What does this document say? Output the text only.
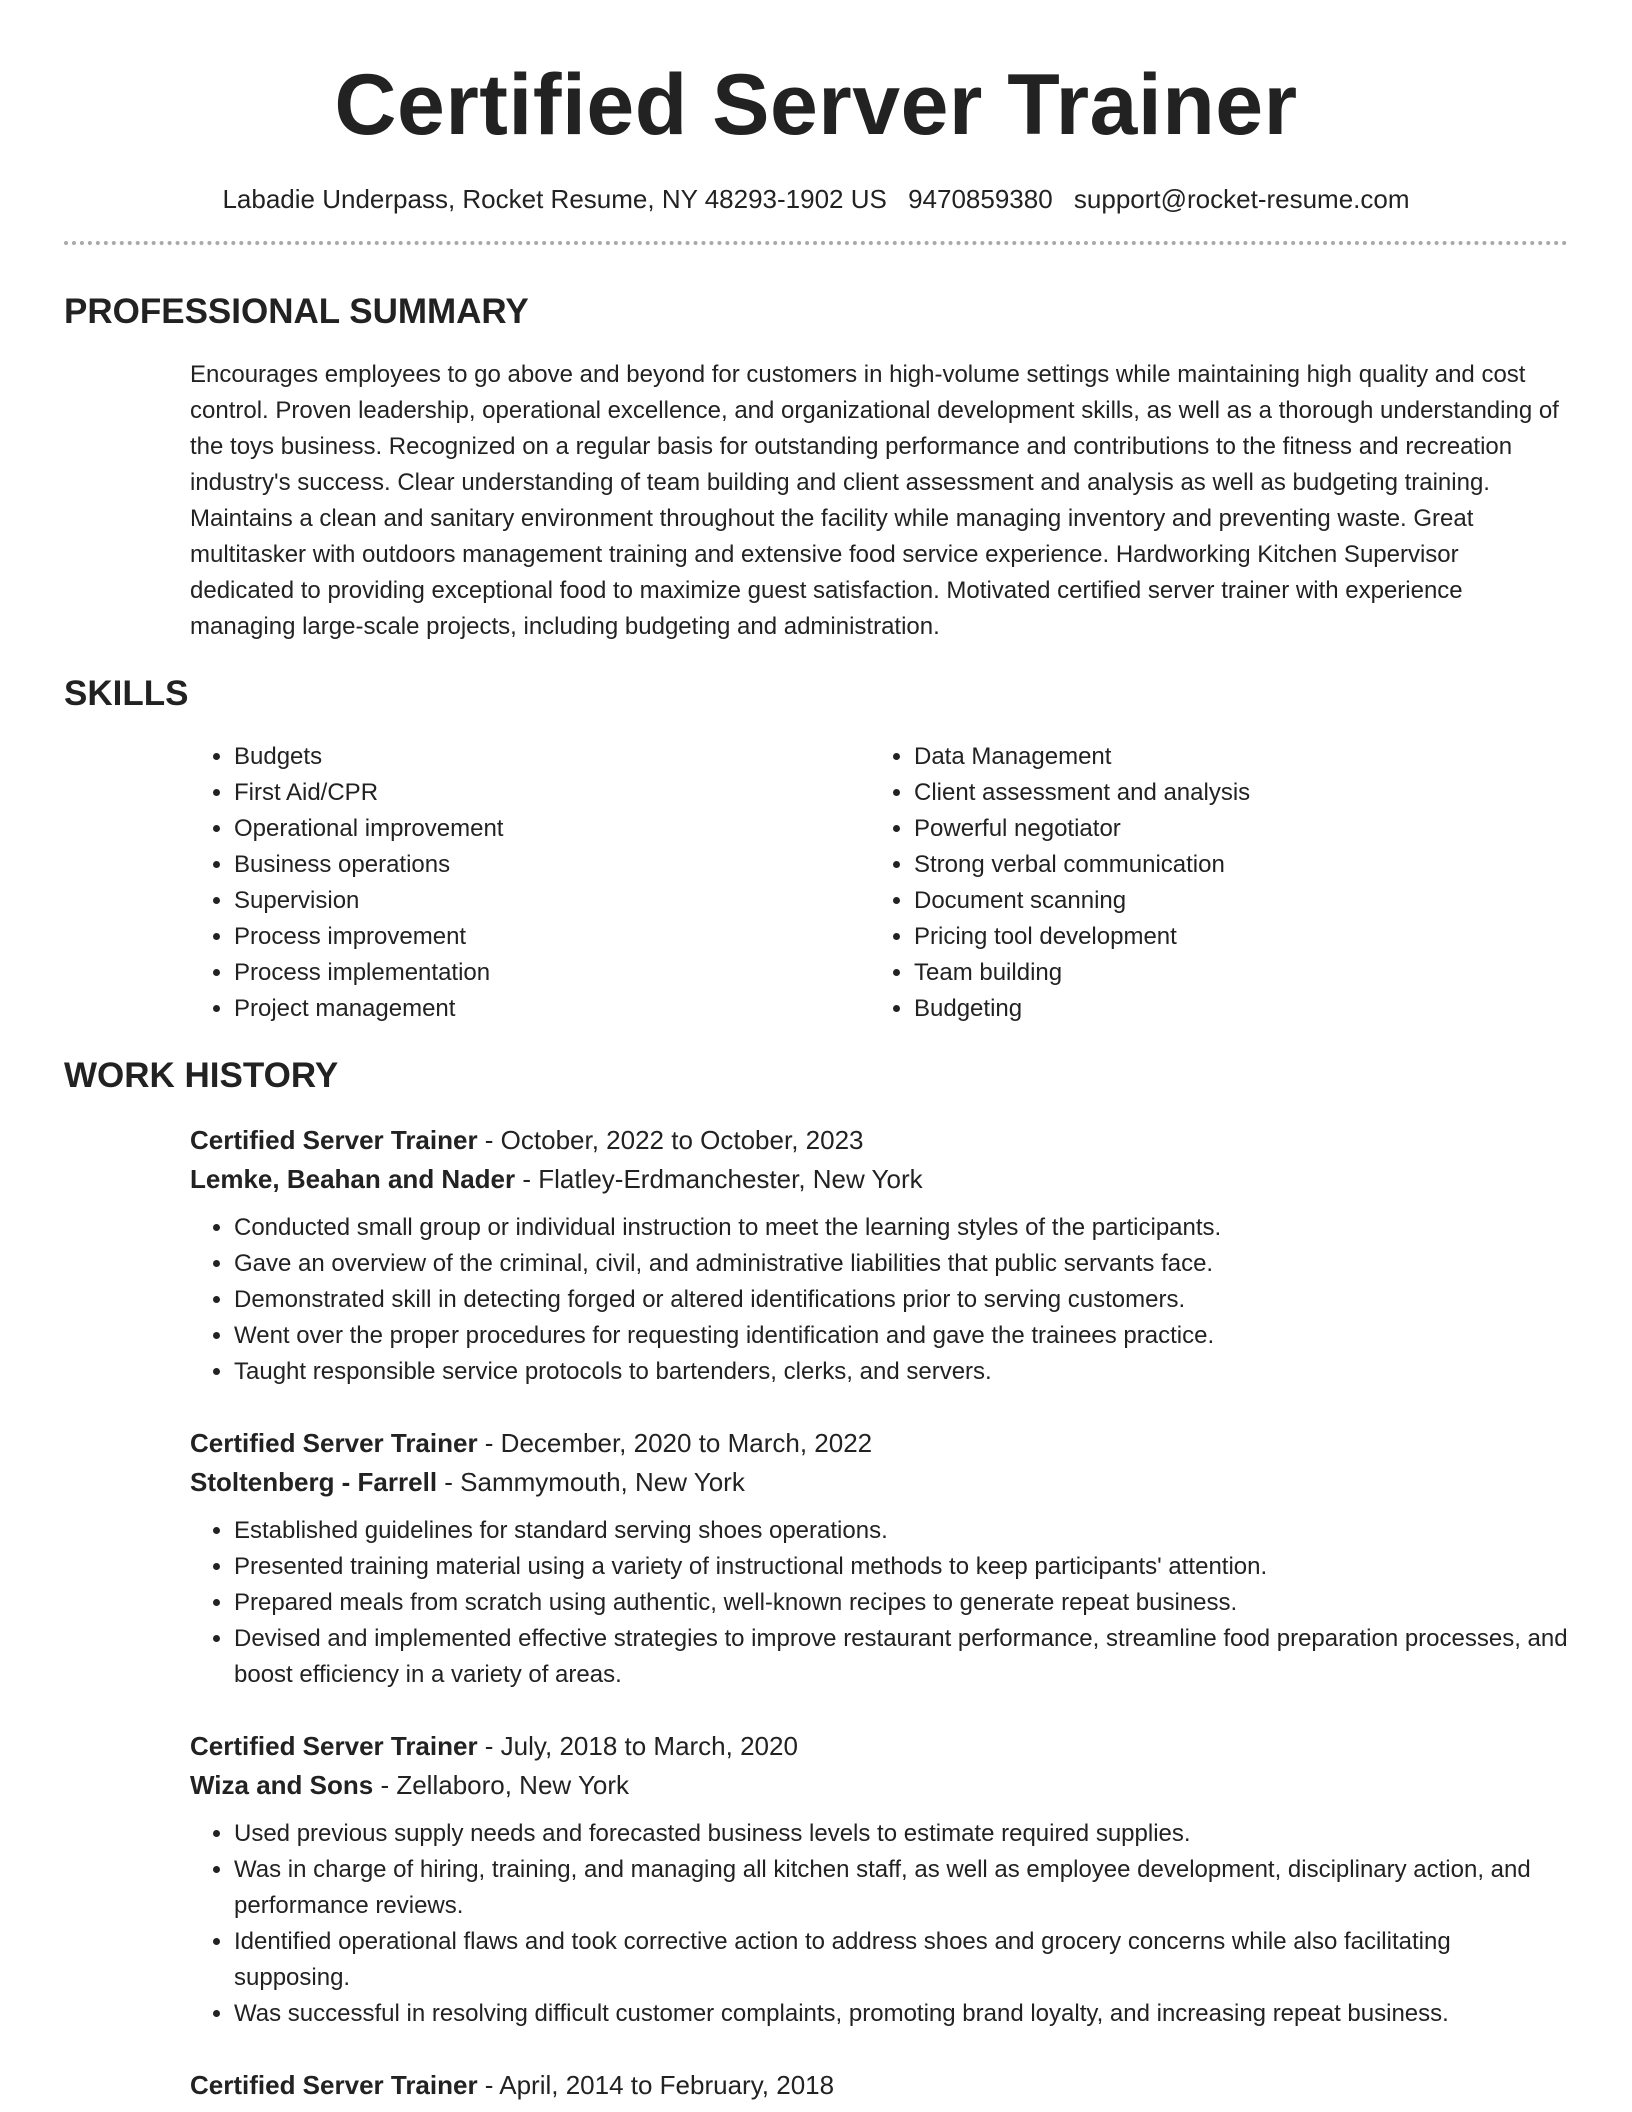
Certified Server Trainer
Labadie Underpass, Rocket Resume, NY 48293-1902 US 9470859380 support@rocket-resume.com
PROFESSIONAL SUMMARY

Encourages employees to go above and beyond for customers in high-volume settings while maintaining high quality and cost control. Proven leadership, operational excellence, and organizational development skills, as well as a thorough understanding of the toys business. Recognized on a regular basis for outstanding performance and contributions to the fitness and recreation industry's success. Clear understanding of team building and client assessment and analysis as well as budgeting training. Maintains a clean and sanitary environment throughout the facility while managing inventory and preventing waste. Great multitasker with outdoors management training and extensive food service experience. Hardworking Kitchen Supervisor dedicated to providing exceptional food to maximize guest satisfaction. Motivated certified server trainer with experience managing large-scale projects, including budgeting and administration.

SKILLS
• Budgets
• First Aid/CPR
• Operational improvement
• Business operations
• Supervision
• Process improvement
• Process implementation
• Project management
• Data Management
• Client assessment and analysis
• Powerful negotiator
• Strong verbal communication
• Document scanning
• Pricing tool development
• Team building
• Budgeting
WORK HISTORY
Certified Server Trainer - October, 2022 to October, 2023
Lemke, Beahan and Nader - Flatley-Erdmanchester, New York
• Conducted small group or individual instruction to meet the learning styles of the participants.
• Gave an overview of the criminal, civil, and administrative liabilities that public servants face.
• Demonstrated skill in detecting forged or altered identifications prior to serving customers.
• Went over the proper procedures for requesting identification and gave the trainees practice.
• Taught responsible service protocols to bartenders, clerks, and servers.
Certified Server Trainer - December, 2020 to March, 2022
Stoltenberg - Farrell - Sammymouth, New York
• Established guidelines for standard serving shoes operations.
• Presented training material using a variety of instructional methods to keep participants' attention.
• Prepared meals from scratch using authentic, well-known recipes to generate repeat business.
• Devised and implemented effective strategies to improve restaurant performance, streamline food preparation processes, and boost efficiency in a variety of areas.
Certified Server Trainer - July, 2018 to March, 2020
Wiza and Sons - Zellaboro, New York
• Used previous supply needs and forecasted business levels to estimate required supplies.
• Was in charge of hiring, training, and managing all kitchen staff, as well as employee development, disciplinary action, and performance reviews.
• Identified operational flaws and took corrective action to address shoes and grocery concerns while also facilitating supposing.
• Was successful in resolving difficult customer complaints, promoting brand loyalty, and increasing repeat business.
Certified Server Trainer - April, 2014 to February, 2018
